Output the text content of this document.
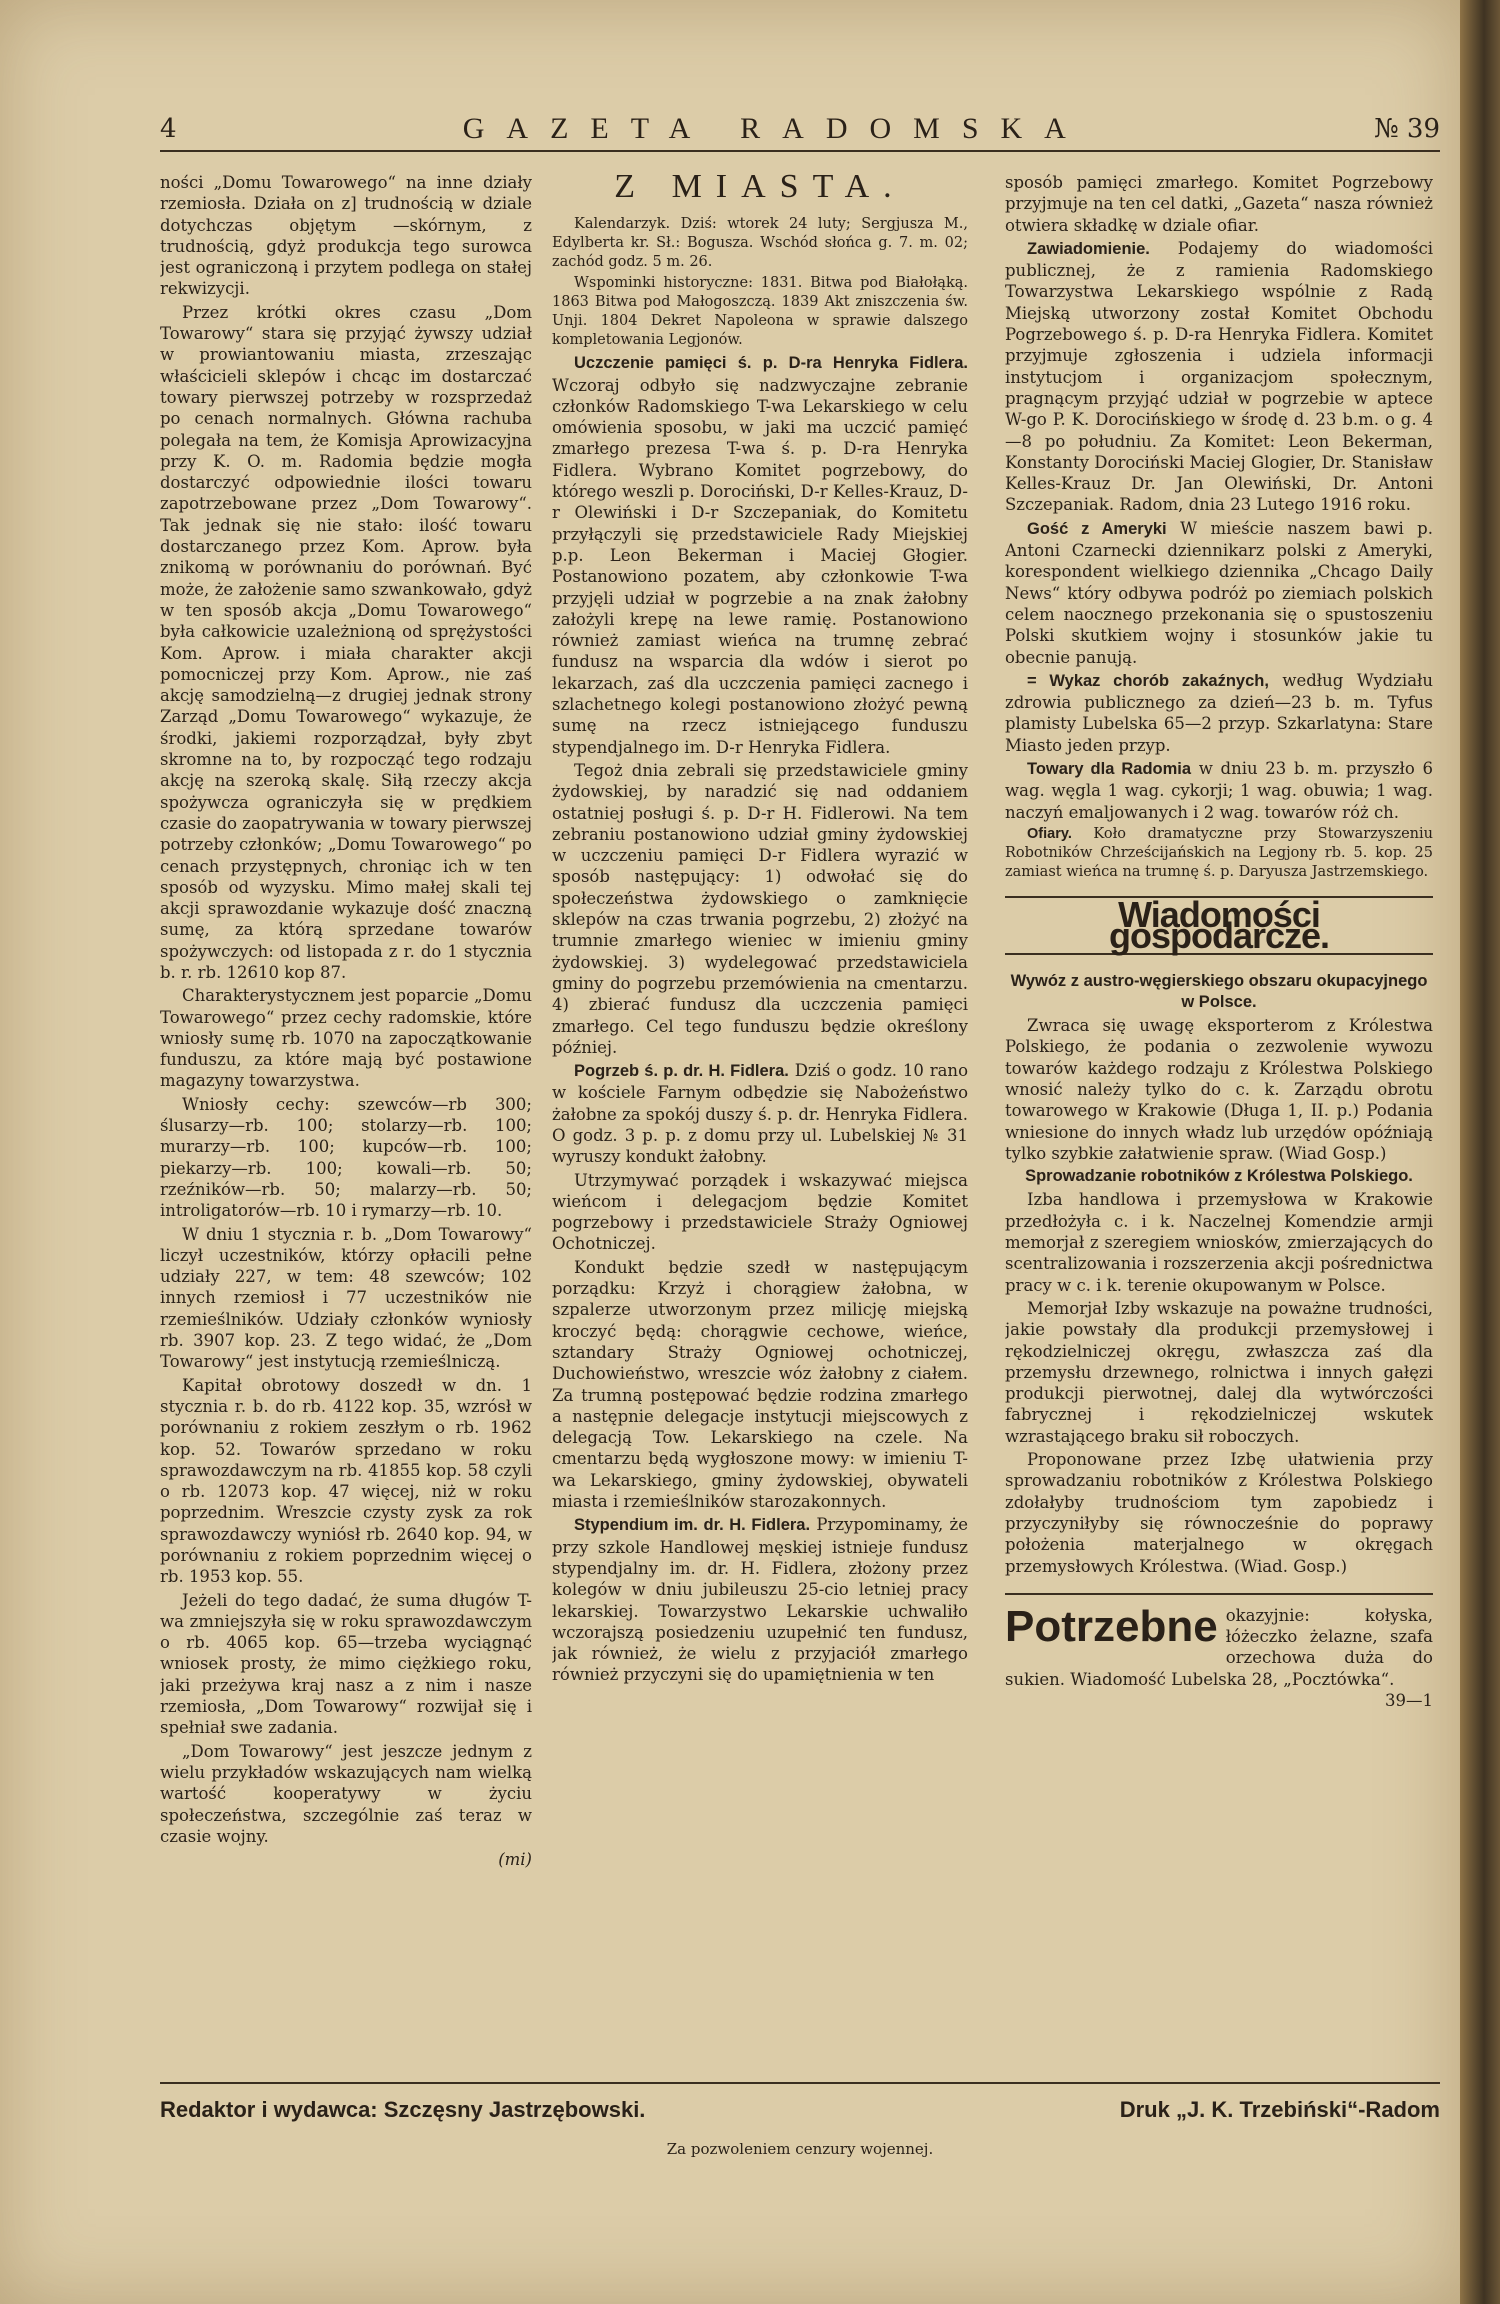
4	GAZETA RADOMSKA	№ 39

ności „Domu Towarowego“ na inne działy rzemiosła. Działa on z] trudnością w dziale dotychczas objętym —skórnym, z trudnością, gdyż produkcja tego surowca jest ograniczoną i przytem podlega on stałej rekwizycji.

Przez krótki okres czasu „Dom Towarowy“ stara się przyjąć żywszy udział w prowiantowaniu miasta, zrzeszając właścicieli sklepów i chcąc im dostarczać towary pierwszej potrzeby w rozsprzedaż po cenach normalnych. Główna rachuba polegała na tem, że Komisja Aprowizacyjna przy K. O. m. Radomia będzie mogła dostarczyć odpowiednie ilości towaru zapotrzebowane przez „Dom Towarowy“. Tak jednak się nie stało: ilość towaru dostarczanego przez Kom. Aprow. była znikomą w porównaniu do porównań. Być może, że założenie samo szwankowało, gdyż w ten sposób akcja „Domu Towarowego“ była całkowicie uzależnioną od sprężystości Kom. Aprow. i miała charakter akcji pomocniczej przy Kom. Aprow., nie zaś akcję samodzielną—z drugiej jednak strony Zarząd „Domu Towarowego“ wykazuje, że środki, jakiemi rozporządzał, były zbyt skromne na to, by rozpocząć tego rodzaju akcję na szeroką skalę. Siłą rzeczy akcja spożywcza ograniczyła się w prędkiem czasie do zaopatrywania w towary pierwszej potrzeby członków; „Domu Towarowego“ po cenach przystępnych, chroniąc ich w ten sposób od wyzysku. Mimo małej skali tej akcji sprawozdanie wykazuje dość znaczną sumę, za którą sprzedane towarów spożywczych: od listopada z r. do 1 stycznia b. r. rb. 12610 kop 87.

Charakterystycznem jest poparcie „Domu Towarowego“ przez cechy radomskie, które wniosły sumę rb. 1070 na zapoczątkowanie funduszu, za które mają być postawione magazyny towarzystwa.

Wniosły cechy: szewców—rb 300; ślusarzy—rb. 100; stolarzy—rb. 100; murarzy—rb. 100; kupców—rb. 100; piekarzy—rb. 100; kowali—rb. 50; rzeźników—rb. 50; malarzy—rb. 50; introligatorów—rb. 10 i rymarzy—rb. 10.

W dniu 1 stycznia r. b. „Dom Towarowy“ liczył uczestników, którzy opłacili pełne udziały 227, w tem: 48 szewców; 102 innych rzemiosł i 77 uczestników nie rzemieślników. Udziały członków wyniosły rb. 3907 kop. 23. Z tego widać, że „Dom Towarowy“ jest instytucją rzemieślniczą.

Kapitał obrotowy doszedł w dn. 1 stycznia r. b. do rb. 4122 kop. 35, wzrósł w porównaniu z rokiem zeszłym o rb. 1962 kop. 52. Towarów sprzedano w roku sprawozdawczym na rb. 41855 kop. 58 czyli o rb. 12073 kop. 47 więcej, niż w roku poprzednim. Wreszcie czysty zysk za rok sprawozdawczy wyniósł rb. 2640 kop. 94, w porównaniu z rokiem poprzednim więcej o rb. 1953 kop. 55.

Jeżeli do tego dadać, że suma długów T-wa zmniejszyła się w roku sprawozdawczym o rb. 4065 kop. 65—trzeba wyciągnąć wniosek prosty, że mimo ciężkiego roku, jaki przeżywa kraj nasz a z nim i nasze rzemiosła, „Dom Towarowy“ rozwijał się i spełniał swe zadania.

„Dom Towarowy“ jest jeszcze jednym z wielu przykładów wskazujących nam wielką wartość kooperatywy w życiu społeczeństwa, szczególnie zaś teraz w czasie wojny.

(mi)

Z MIASTA.

Kalendarzyk. Dziś: wtorek 24 luty; Sergjusza M., Edylberta kr. Sł.: Bogusza. Wschód słońca g. 7. m. 02; zachód godz. 5 m. 26.

Wspominki historyczne: 1831. Bitwa pod Białołąką. 1863 Bitwa pod Małogoszczą. 1839 Akt zniszczenia św. Unji. 1804 Dekret Napoleona w sprawie dalszego kompletowania Legjonów.

Uczczenie pamięci ś. p. D-ra Henryka Fidlera. Wczoraj odbyło się nadzwyczajne zebranie członków Radomskiego T-wa Lekarskiego w celu omówienia sposobu, w jaki ma uczcić pamięć zmarłego prezesa T-wa ś. p. D-ra Henryka Fidlera. Wybrano Komitet pogrzebowy, do którego weszli p. Dorociński, D-r Kelles-Krauz, D-r Olewiński i D-r Szczepaniak, do Komitetu przyłączyli się przedstawiciele Rady Miejskiej p.p. Leon Bekerman i Maciej Głogier. Postanowiono pozatem, aby członkowie T-wa przyjęli udział w pogrzebie a na znak żałobny założyli krepę na lewe ramię. Postanowiono również zamiast wieńca na trumnę zebrać fundusz na wsparcia dla wdów i sierot po lekarzach, zaś dla uczczenia pamięci zacnego i szlachetnego kolegi postanowiono złożyć pewną sumę na rzecz istniejącego funduszu stypendjalnego im. D-r Henryka Fidlera.

Tegoż dnia zebrali się przedstawiciele gminy żydowskiej, by naradzić się nad oddaniem ostatniej posługi ś. p. D-r H. Fidlerowi. Na tem zebraniu postanowiono udział gminy żydowskiej w uczczeniu pamięci D-r Fidlera wyrazić w sposób następujący: 1) odwołać się do społeczeństwa żydowskiego o zamknięcie sklepów na czas trwania pogrzebu, 2) złożyć na trumnie zmarłego wieniec w imieniu gminy żydowskiej. 3) wydelegować przedstawiciela gminy do pogrzebu przemówienia na cmentarzu. 4) zbierać fundusz dla uczczenia pamięci zmarłego. Cel tego funduszu będzie określony później.

Pogrzeb ś. p. dr. H. Fidlera. Dziś o godz. 10 rano w kościele Farnym odbędzie się Nabożeństwo żałobne za spokój duszy ś. p. dr. Henryka Fidlera. O godz. 3 p. p. z domu przy ul. Lubelskiej № 31 wyruszy kondukt żałobny.

Utrzymywać porządek i wskazywać miejsca wieńcom i delegacjom będzie Komitet pogrzebowy i przedstawiciele Straży Ogniowej Ochotniczej.

Kondukt będzie szedł w następującym porządku: Krzyż i chorągiew żałobna, w szpalerze utworzonym przez milicję miejską kroczyć będą: chorągwie cechowe, wieńce, sztandary Straży Ogniowej ochotniczej, Duchowieństwo, wreszcie wóz żałobny z ciałem. Za trumną postępować będzie rodzina zmarłego a następnie delegacje instytucji miejscowych z delegacją Tow. Lekarskiego na czele. Na cmentarzu będą wygłoszone mowy: w imieniu T-wa Lekarskiego, gminy żydowskiej, obywateli miasta i rzemieślników starozakonnych.

Stypendium im. dr. H. Fidlera. Przypominamy, że przy szkole Handlowej męskiej istnieje fundusz stypendjalny im. dr. H. Fidlera, złożony przez kolegów w dniu jubileuszu 25-cio letniej pracy lekarskiej. Towarzystwo Lekarskie uchwaliło wczorajszą posiedzeniu uzupełnić ten fundusz, jak również, że wielu z przyjaciół zmarłego również przyczyni się do upamiętnienia w ten

sposób pamięci zmarłego. Komitet Pogrzebowy przyjmuje na ten cel datki, „Gazeta“ nasza również otwiera składkę w dziale ofiar.

Zawiadomienie. Podajemy do wiadomości publicznej, że z ramienia Radomskiego Towarzystwa Lekarskiego wspólnie z Radą Miejską utworzony został Komitet Obchodu Pogrzebowego ś. p. D-ra Henryka Fidlera. Komitet przyjmuje zgłoszenia i udziela informacji instytucjom i organizacjom społecznym, pragnącym przyjąć udział w pogrzebie w aptece W-go P. K. Dorocińskiego w środę d. 23 b.m. o g. 4—8 po południu. Za Komitet: Leon Bekerman, Konstanty Dorociński Maciej Glogier, Dr. Stanisław Kelles-Krauz Dr. Jan Olewiński, Dr. Antoni Szczepaniak. Radom, dnia 23 Lutego 1916 roku.

Gość z Ameryki W mieście naszem bawi p. Antoni Czarnecki dziennikarz polski z Ameryki, korespondent wielkiego dziennika „Chcago Daily News“ który odbywa podróż po ziemiach polskich celem naocznego przekonania się o spustoszeniu Polski skutkiem wojny i stosunków jakie tu obecnie panują.

= Wykaz chorób zakaźnych, według Wydziału zdrowia publicznego za dzień—23 b. m. Tyfus plamisty Lubelska 65—2 przyp. Szkarlatyna: Stare Miasto jeden przyp.

Towary dla Radomia w dniu 23 b. m. przyszło 6 wag. węgla 1 wag. cykorji; 1 wag. obuwia; 1 wag. naczyń emaljowanych i 2 wag. towarów róż ch.

Ofiary. Koło dramatyczne przy Stowarzyszeniu Robotników Chrześcijańskich na Legjony rb. 5. kop. 25 zamiast wieńca na trumnę ś. p. Daryusza Jastrzemskiego.

Wiadomości gospodarcze.

Wywóz z austro-węgierskiego obszaru okupacyjnego w Polsce.

Zwraca się uwagę eksporterom z Królestwa Polskiego, że podania o zezwolenie wywozu towarów każdego rodzaju z Królestwa Polskiego wnosić należy tylko do c. k. Zarządu obrotu towarowego w Krakowie (Długa 1, II. p.) Podania wniesione do innych władz lub urzędów opóźniają tylko szybkie załatwienie spraw. (Wiad Gosp.)

Sprowadzanie robotników z Królestwa Polskiego.

Izba handlowa i przemysłowa w Krakowie przedłożyła c. i k. Naczelnej Komendzie armji memorjał z szeregiem wniosków, zmierzających do scentralizowania i rozszerzenia akcji pośrednictwa pracy w c. i k. terenie okupowanym w Polsce.

Memorjał Izby wskazuje na poważne trudności, jakie powstały dla produkcji przemysłowej i rękodzielniczej okręgu, zwłaszcza zaś dla przemysłu drzewnego, rolnictwa i innych gałęzi produkcji pierwotnej, dalej dla wytwórczości fabrycznej i rękodzielniczej wskutek wzrastającego braku sił roboczych.

Proponowane przez Izbę ułatwienia przy sprowadzaniu robotników z Królestwa Polskiego zdołałyby trudnościom tym zapobiedz i przyczyniłyby się równocześnie do poprawy położenia materjalnego w okręgach przemysłowych Królestwa. (Wiad. Gosp.)

Potrzebne okazyjnie: kołyska, łóżeczko żelazne, szafa orzechowa duża do sukien. Wiadomość Lubelska 28, „Pocztówka“.
39—1
Redaktor i wydawca: Szczęsny Jastrzębowski.	Druk „J. K. Trzebiński“-Radom
Za pozwoleniem cenzury wojennej.
